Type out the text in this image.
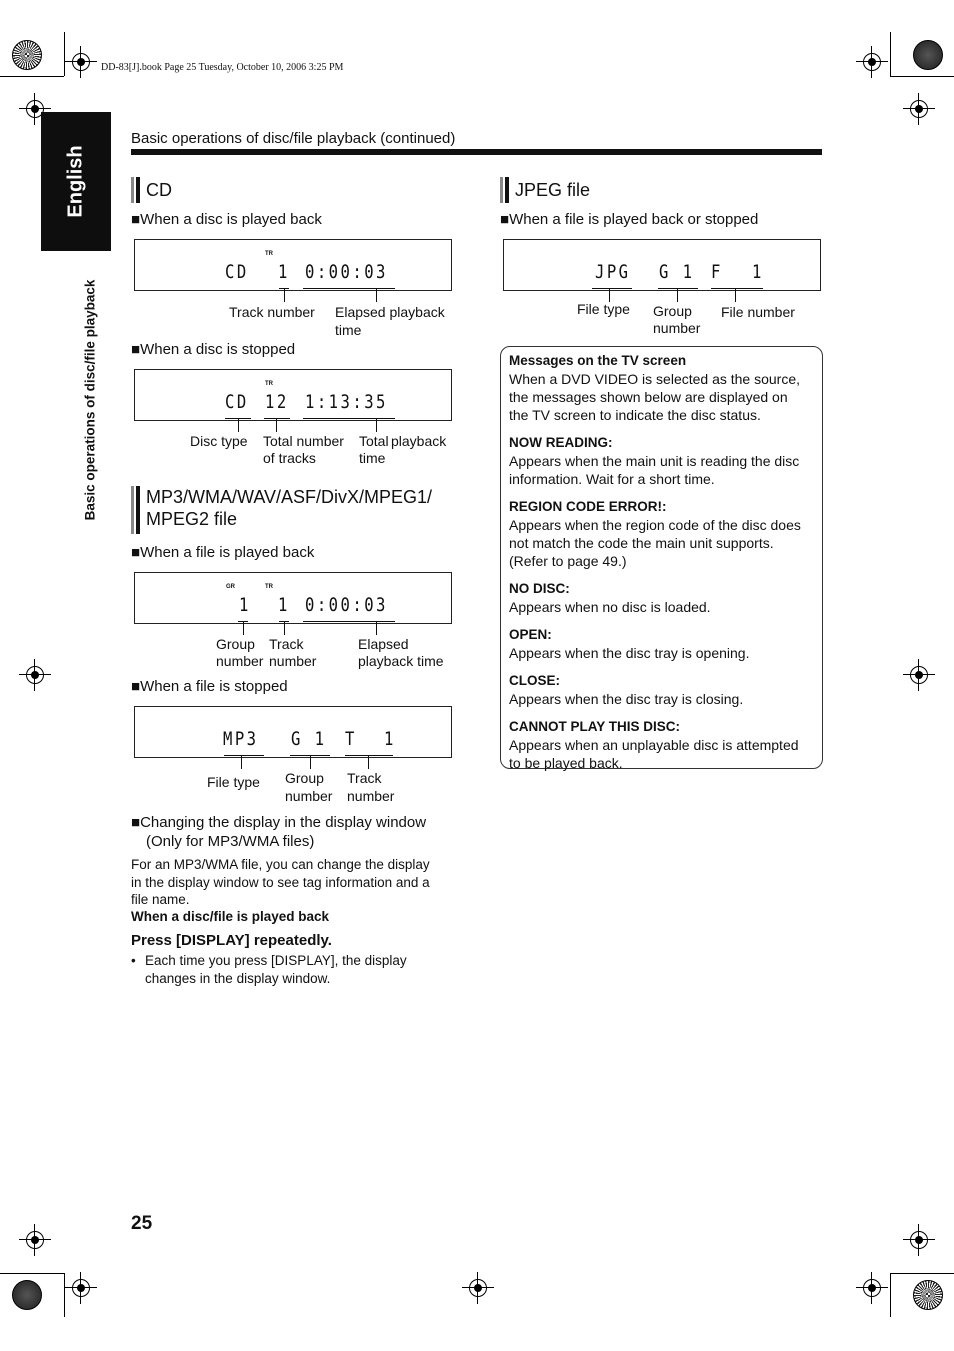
DD-83[J].book Page 25 Tuesday, October 10, 2006 3:25 PM
Basic operations of disc/file playback (continued)
English
Basic operations of disc/file playback
CD
■When a disc is played back
TR
CD 1 0:00:03
Track number Elapsed playback
time
■When a disc is stopped
TR
CD 12 1:13:35
Disc type Total number
of tracks
Total playback
time
MP3/WMA/WAV/ASF/DivX/MPEG1/
MPEG2 file
■When a file is played back
GR	TR
1 1 0:00:03
Group
number
Track
number
Elapsed
playback time
■When a file is stopped
MP3 G 1 T 1
File type Group
number
Track
number
■Changing the display in the display window
(Only for MP3/WMA files)
For an MP3/WMA file, you can change the display
in the display window to see tag information and a
file name.
When a disc/file is played back
Press [DISPLAY] repeatedly.
• Each time you press [DISPLAY], the display
changes in the display window.
JPEG file
■When a file is played back or stopped
JPG G 1 F 1
File type Group
number
File number
Messages on the TV screen
When a DVD VIDEO is selected as the source,
the messages shown below are displayed on
the TV screen to indicate the disc status.
NOW READING:
Appears when the main unit is reading the disc
information. Wait for a short time.
REGION CODE ERROR!:
Appears when the region code of the disc does
not match the code the main unit supports.
(Refer to page 49.)
NO DISC:
Appears when no disc is loaded.
OPEN:
Appears when the disc tray is opening.
CLOSE:
Appears when the disc tray is closing.
CANNOT PLAY THIS DISC:
Appears when an unplayable disc is attempted
to be played back.
25
